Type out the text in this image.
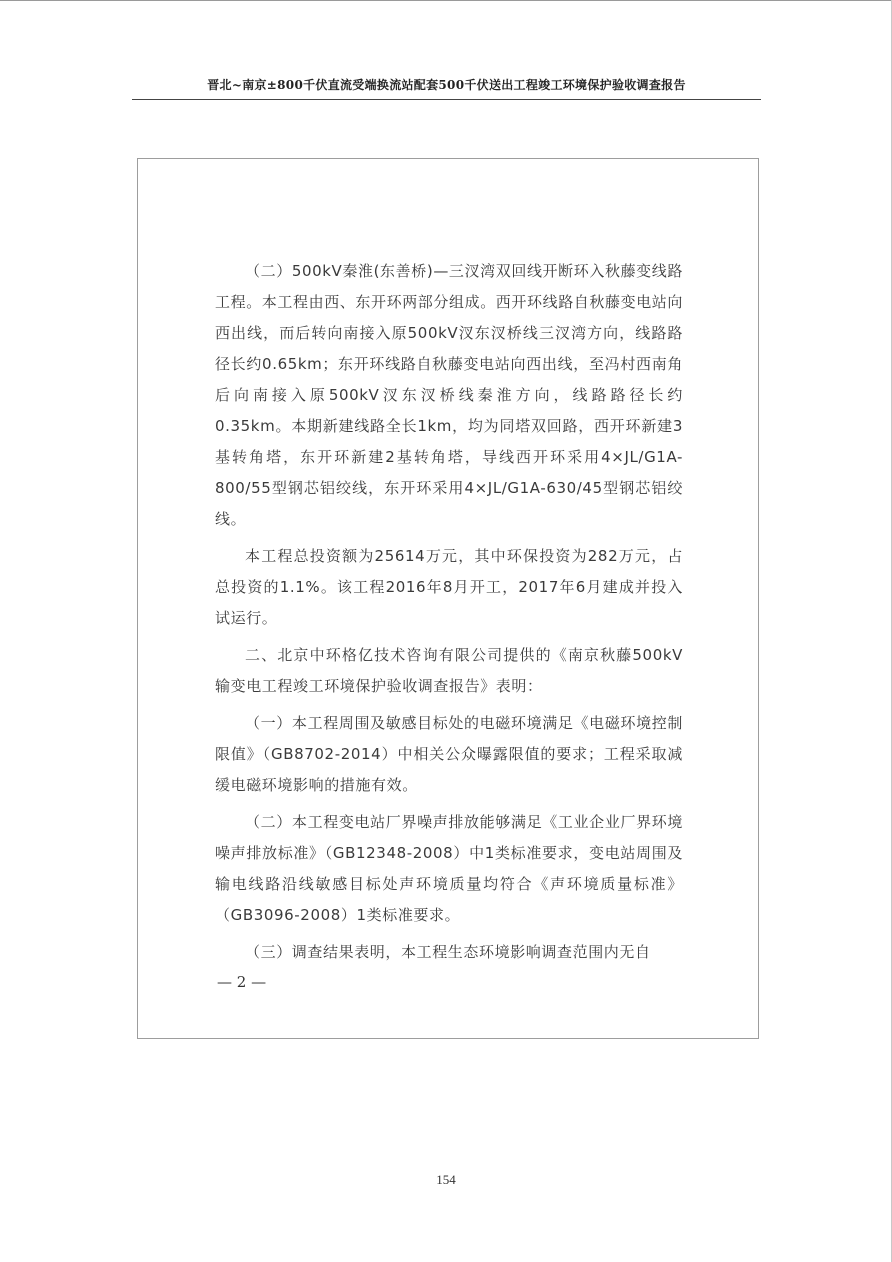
晋北~南京±800千伏直流受端换流站配套500千伏送出工程竣工环境保护验收调查报告

（二）500kV秦淮(东善桥)—三汊湾双回线开断环入秋藤变线路工程。本工程由西、东开环两部分组成。西开环线路自秋藤变电站向西出线，而后转向南接入原500kV汊东汊桥线三汊湾方向，线路路径长约0.65km；东开环线路自秋藤变电站向西出线，至冯村西南角后向南接入原500kV汊东汊桥线秦淮方向，线路路径长约0.35km。本期新建线路全长1km，均为同塔双回路，西开环新建3基转角塔，东开环新建2基转角塔，导线西开环采用4×JL/G1A-800/55型钢芯铝绞线，东开环采用4×JL/G1A-630/45型钢芯铝绞线。

本工程总投资额为25614万元，其中环保投资为282万元，占总投资的1.1%。该工程2016年8月开工，2017年6月建成并投入试运行。

二、北京中环格亿技术咨询有限公司提供的《南京秋藤500kV输变电工程竣工环境保护验收调查报告》表明：

（一）本工程周围及敏感目标处的电磁环境满足《电磁环境控制限值》（GB8702-2014）中相关公众曝露限值的要求；工程采取减缓电磁环境影响的措施有效。

（二）本工程变电站厂界噪声排放能够满足《工业企业厂界环境噪声排放标准》（GB12348-2008）中1类标准要求，变电站周围及输电线路沿线敏感目标处声环境质量均符合《声环境质量标准》（GB3096-2008）1类标准要求。

（三）调查结果表明，本工程生态环境影响调查范围内无自

— 2 —
154
